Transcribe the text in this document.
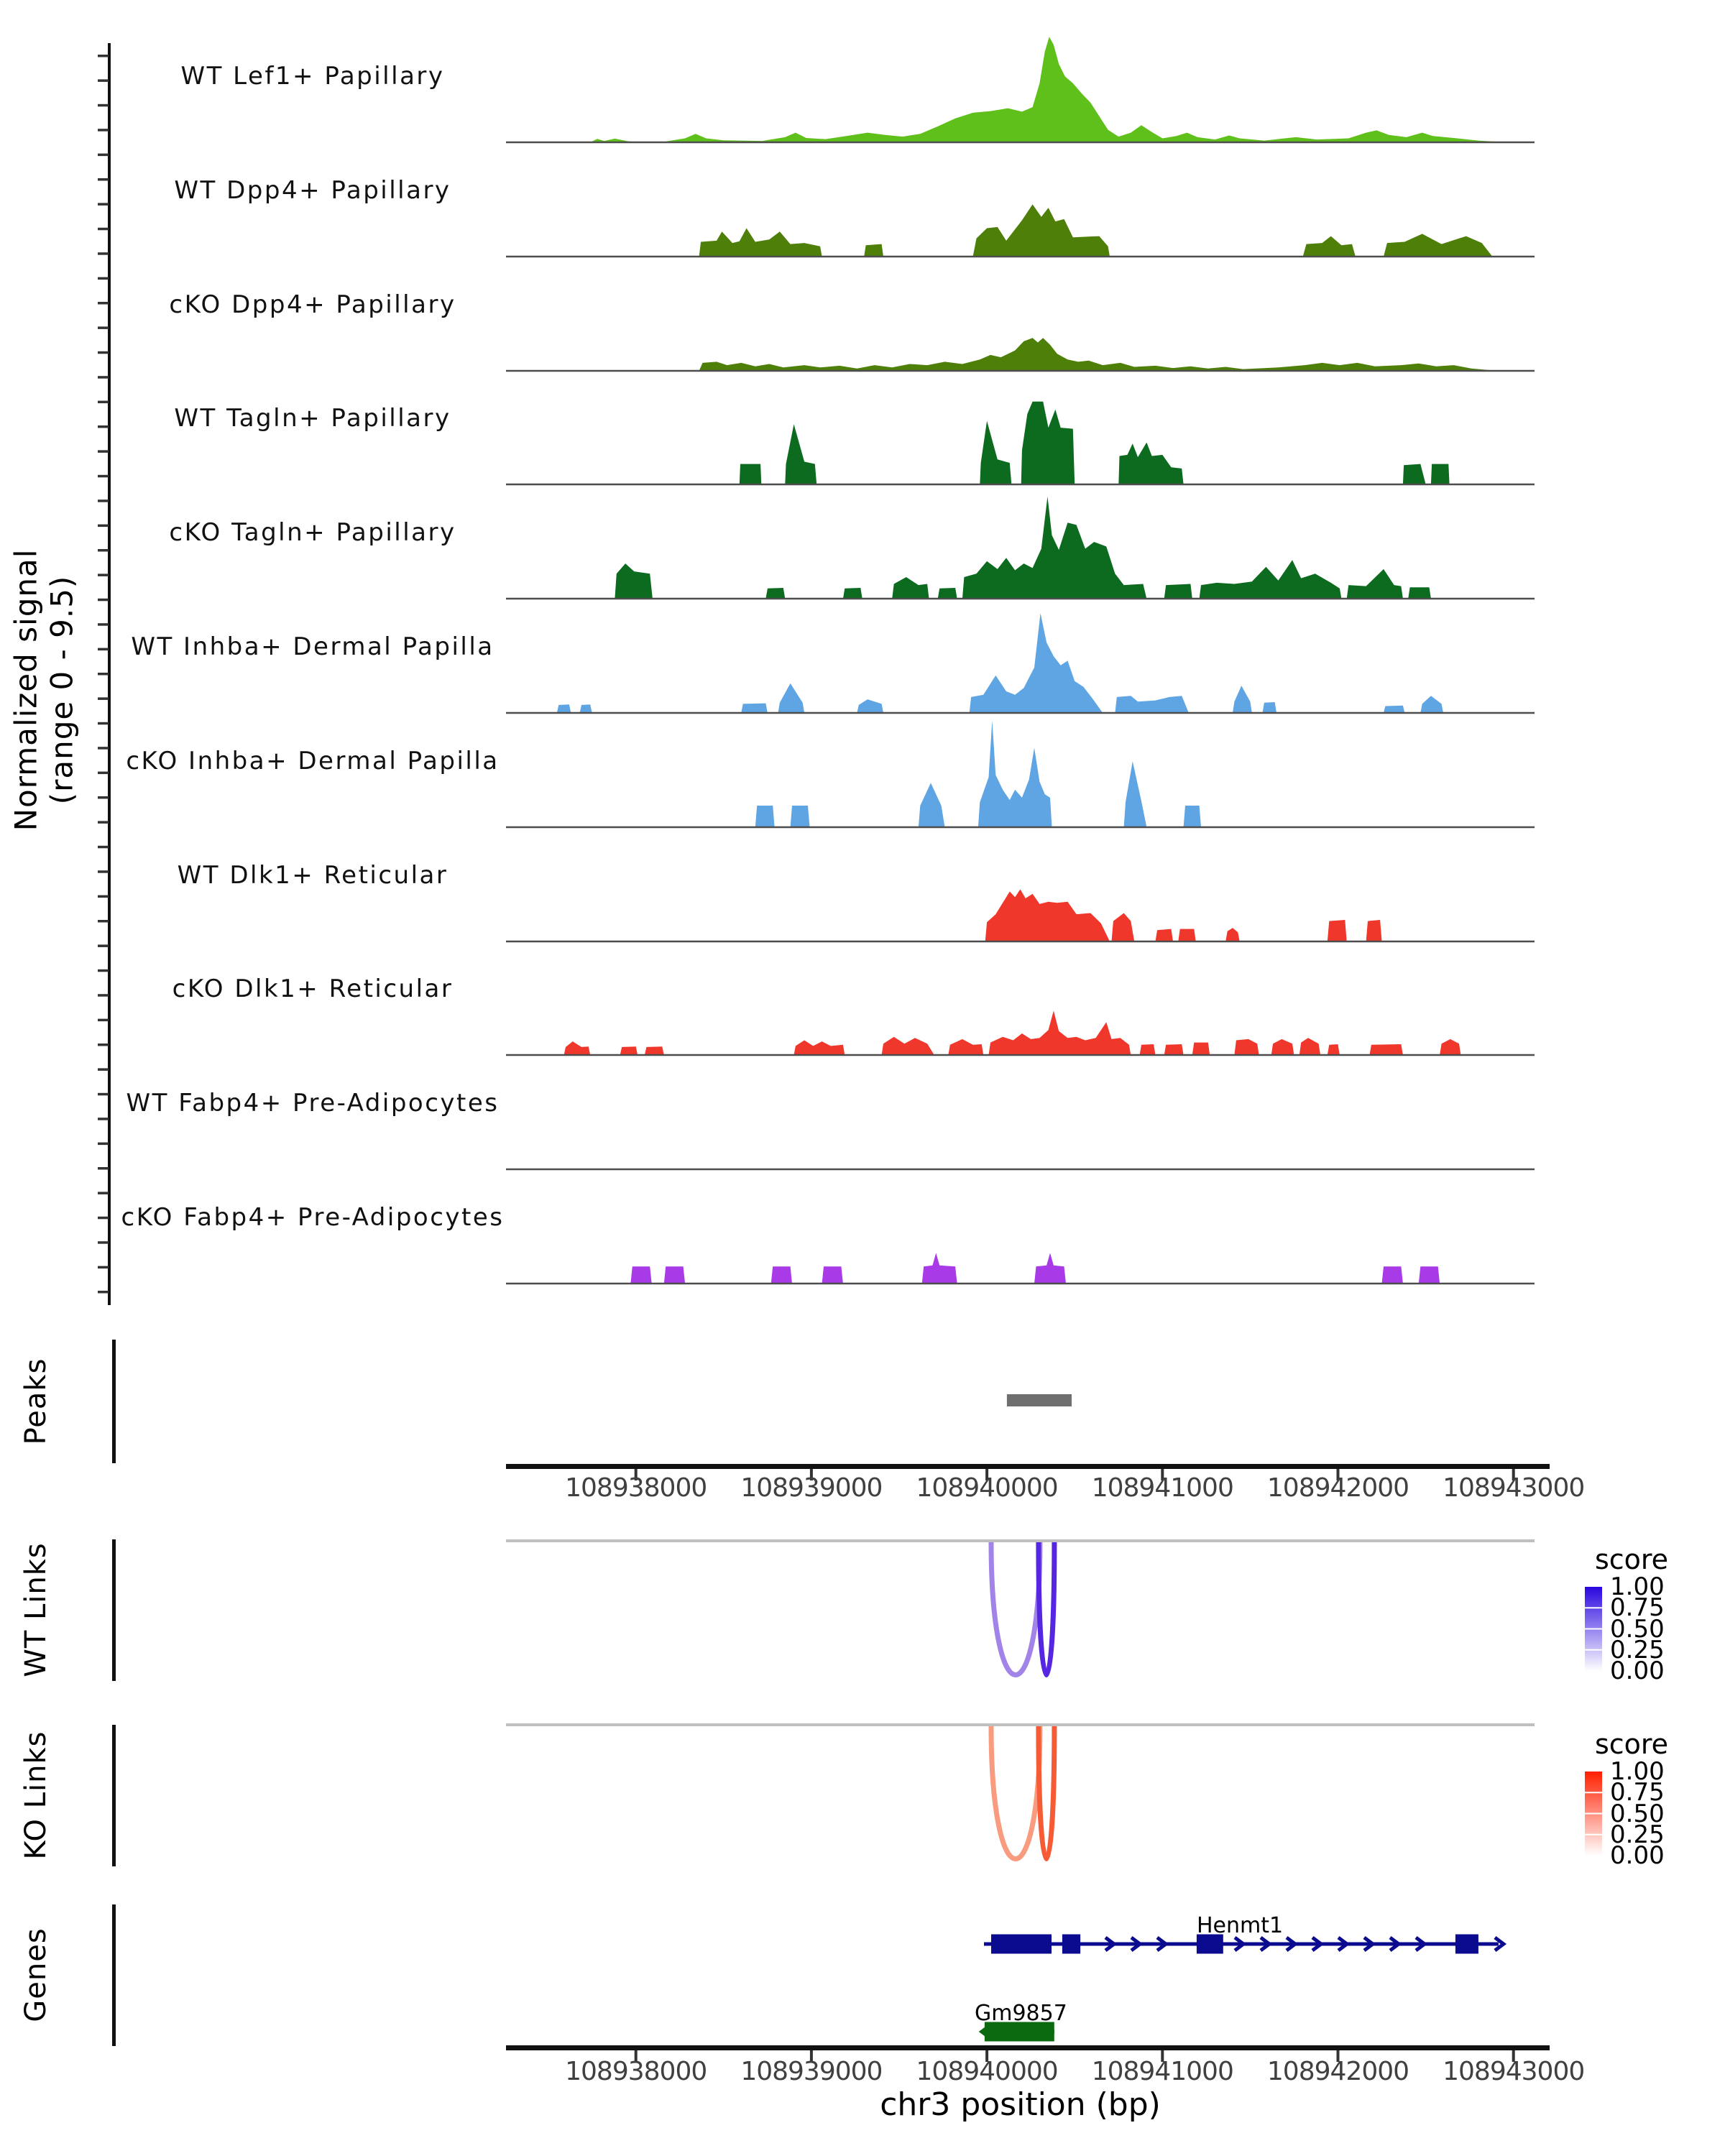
Normalized signal (range 0 - 9.5)
Peaks
WT Links
KO Links
Genes
WT Lef1+ Papillary
WT Dpp4+ Papillary
cKO Dpp4+ Papillary
WT Tagln+ Papillary
cKO Tagln+ Papillary
WT Inhba+ Dermal Papilla
cKO Inhba+ Dermal Papilla
WT Dlk1+ Reticular
cKO Dlk1+ Reticular
WT Fabp4+ Pre-Adipocytes
cKO Fabp4+ Pre-Adipocytes
108938000	108939000	108940000	108941000	108942000	108943000
108938000	108939000	108940000	108941000	108942000	108943000
score
1.00
0.75
0.50
0.25
0.00
score
1.00
0.75
0.50
0.25
0.00
Henmt1
Gm9857
chr3 position (bp)
